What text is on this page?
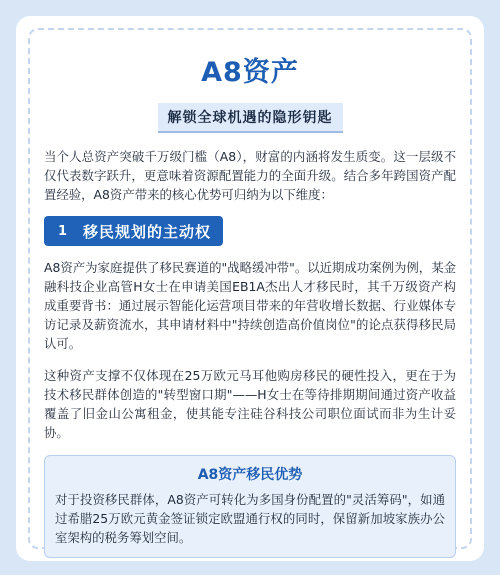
A8资产
解锁全球机遇的隐形钥匙

当个人总资产突破千万级门槛（A8），财富的内涵将发生质变。这一层级不仅代表数字跃升，更意味着资源配置能力的全面升级。结合多年跨国资产配置经验，A8资产带来的核心优势可归纳为以下维度：

1 移民规划的主动权

A8资产为家庭提供了移民赛道的"战略缓冲带"。以近期成功案例为例，某金融科技企业高管H女士在申请美国EB1A杰出人才移民时，其千万级资产构成重要背书：通过展示智能化运营项目带来的年营收增长数据、行业媒体专访记录及薪资流水，其申请材料中"持续创造高价值岗位"的论点获得移民局认可。

这种资产支撑不仅体现在25万欧元马耳他购房移民的硬性投入，更在于为技术移民群体创造的"转型窗口期"——H女士在等待排期期间通过资产收益覆盖了旧金山公寓租金，使其能专注硅谷科技公司职位面试而非为生计妥协。

A8资产移民优势

对于投资移民群体，A8资产可转化为多国身份配置的"灵活筹码"，如通过希腊25万欧元黄金签证锁定欧盟通行权的同时，保留新加坡家族办公室架构的税务筹划空间。
